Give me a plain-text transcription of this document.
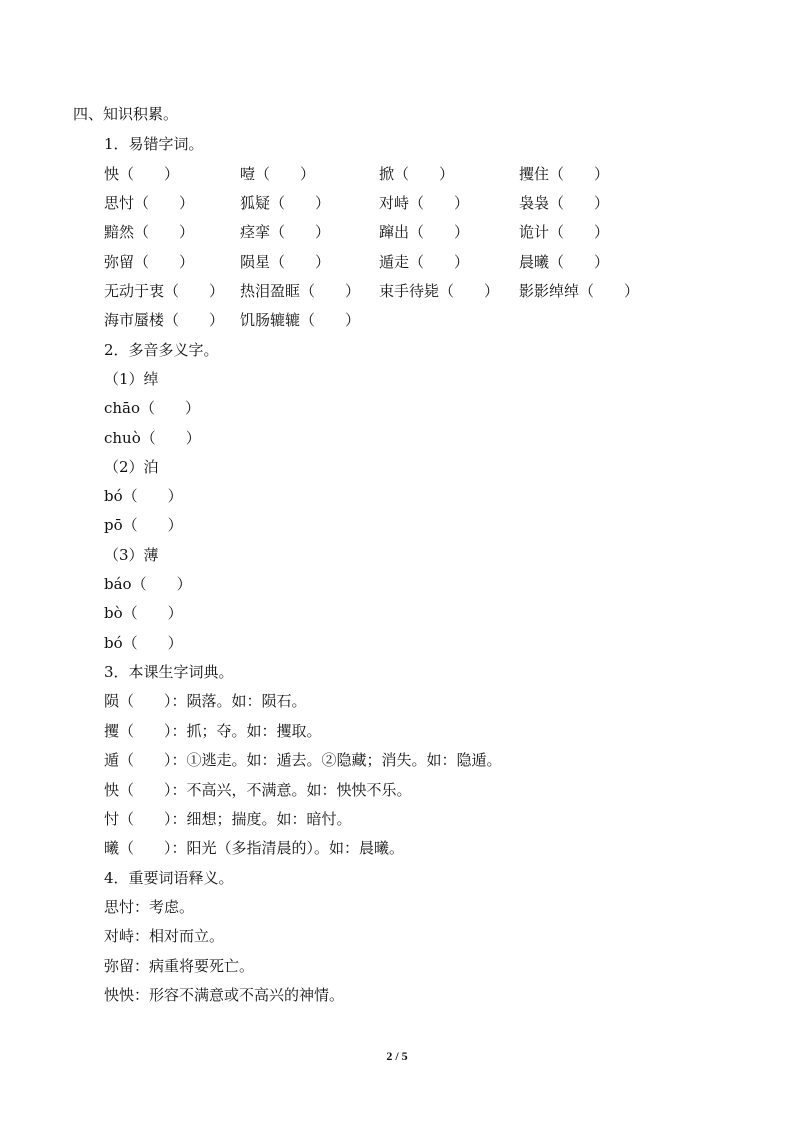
四、知识积累。
1．易错字词。
怏（　　）	噎（　　）	掀（　　）	攫住（　　）
思忖（　　）	狐疑（　　）	对峙（　　）	袅袅（　　）
黯然（　　）	痉挛（　　）	蹿出（　　）	诡计（　　）
弥留（　　）	陨星（　　）	遁走（　　）	晨曦（　　）
无动于衷（　　） 热泪盈眶（　　） 束手待毙（　　） 影影绰绰（　　）
海市蜃楼（　　） 饥肠辘辘（　　）
2．多音多义字。
（1）绰
chāo（　　）
chuò（　　）
（2）泊
bó（　　）
pō（　　）
（3）薄
báo（　　）
bò（　　）
bó（　　）
3．本课生字词典。
陨（　　）：陨落。如：陨石。
攫（　　）：抓；夺。如：攫取。
遁（　　）：①逃走。如：遁去。②隐藏；消失。如：隐遁。
怏（　　）：不高兴，不满意。如：怏怏不乐。
忖（　　）：细想；揣度。如：暗忖。
曦（　　）：阳光（多指清晨的）。如：晨曦。
4．重要词语释义。
思忖：考虑。
对峙：相对而立。
弥留：病重将要死亡。
怏怏：形容不满意或不高兴的神情。
2 / 5
